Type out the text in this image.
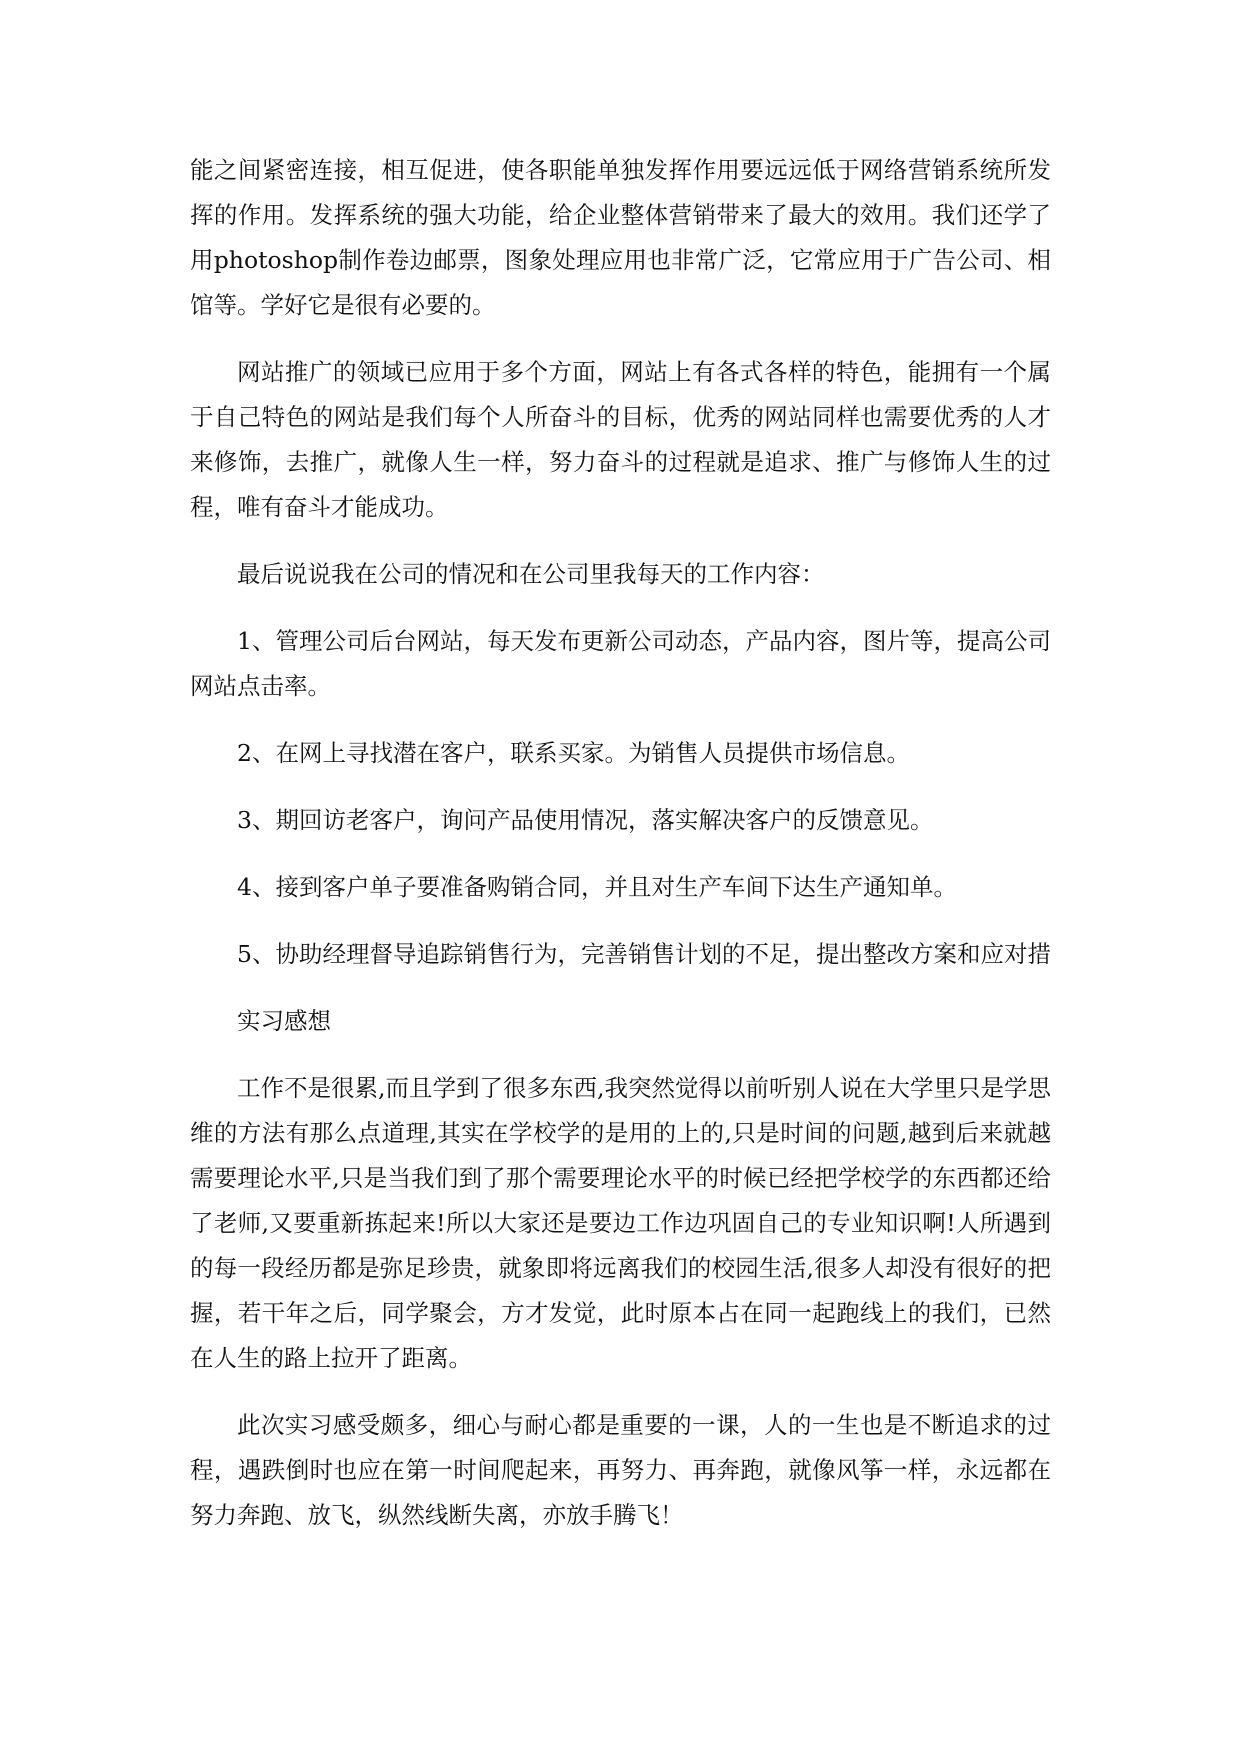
能之间紧密连接，相互促进，使各职能单独发挥作用要远远低于网络营销系统所发挥的作用。发挥系统的强大功能，给企业整体营销带来了最大的效用。我们还学了用photoshop制作卷边邮票，图象处理应用也非常广泛，它常应用于广告公司、相馆等。学好它是很有必要的。

网站推广的领域已应用于多个方面，网站上有各式各样的特色，能拥有一个属于自己特色的网站是我们每个人所奋斗的目标，优秀的网站同样也需要优秀的人才来修饰，去推广，就像人生一样，努力奋斗的过程就是追求、推广与修饰人生的过程，唯有奋斗才能成功。

最后说说我在公司的情况和在公司里我每天的工作内容：

1、管理公司后台网站，每天发布更新公司动态，产品内容，图片等，提高公司网站点击率。

2、在网上寻找潜在客户，联系买家。为销售人员提供市场信息。

3、期回访老客户，询问产品使用情况，落实解决客户的反馈意见。

4、接到客户单子要准备购销合同，并且对生产车间下达生产通知单。

5、协助经理督导追踪销售行为，完善销售计划的不足，提出整改方案和应对措

实习感想

工作不是很累,而且学到了很多东西,我突然觉得以前听别人说在大学里只是学思维的方法有那么点道理,其实在学校学的是用的上的,只是时间的问题,越到后来就越需要理论水平,只是当我们到了那个需要理论水平的时候已经把学校学的东西都还给了老师,又要重新拣起来!所以大家还是要边工作边巩固自己的专业知识啊!人所遇到的每一段经历都是弥足珍贵，就象即将远离我们的校园生活,很多人却没有很好的把握，若干年之后，同学聚会，方才发觉，此时原本占在同一起跑线上的我们，已然在人生的路上拉开了距离。

此次实习感受颇多，细心与耐心都是重要的一课，人的一生也是不断追求的过程，遇跌倒时也应在第一时间爬起来，再努力、再奔跑，就像风筝一样，永远都在努力奔跑、放飞，纵然线断失离，亦放手腾飞！
